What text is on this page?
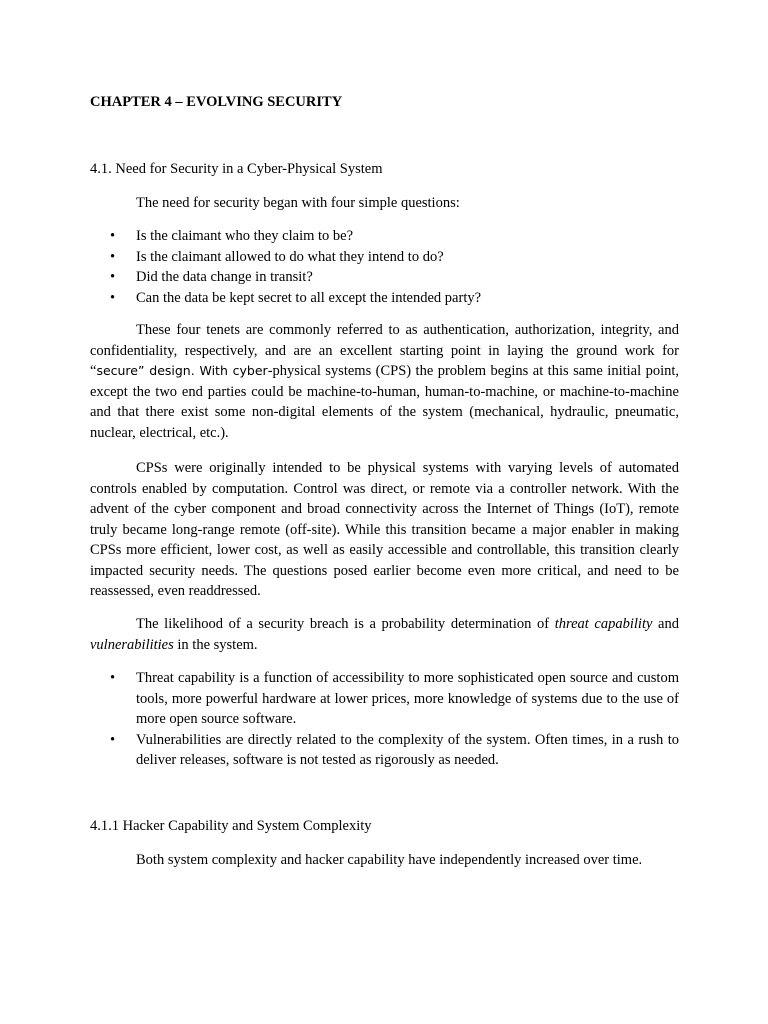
CHAPTER 4 – EVOLVING SECURITY
4.1. Need for Security in a Cyber-Physical System

The need for security began with four simple questions:

• Is the claimant who they claim to be?
• Is the claimant allowed to do what they intend to do?
• Did the data change in transit?
• Can the data be kept secret to all except the intended party?

These four tenets are commonly referred to as authentication, authorization, integrity, and confidentiality, respectively, and are an excellent starting point in laying the ground work for “secure” design. With cyber-physical systems (CPS) the problem begins at this same initial point, except the two end parties could be machine-to-human, human-to-machine, or machine-to-machine and that there exist some non-digital elements of the system (mechanical, hydraulic, pneumatic, nuclear, electrical, etc.).

CPSs were originally intended to be physical systems with varying levels of automated controls enabled by computation. Control was direct, or remote via a controller network. With the advent of the cyber component and broad connectivity across the Internet of Things (IoT), remote truly became long-range remote (off-site). While this transition became a major enabler in making CPSs more efficient, lower cost, as well as easily accessible and controllable, this transition clearly impacted security needs. The questions posed earlier become even more critical, and need to be reassessed, even readdressed.

The likelihood of a security breach is a probability determination of threat capability and vulnerabilities in the system.

• Threat capability is a function of accessibility to more sophisticated open source and custom tools, more powerful hardware at lower prices, more knowledge of systems due to the use of more open source software.
• Vulnerabilities are directly related to the complexity of the system. Often times, in a rush to deliver releases, software is not tested as rigorously as needed.
4.1.1 Hacker Capability and System Complexity

Both system complexity and hacker capability have independently increased over time.
